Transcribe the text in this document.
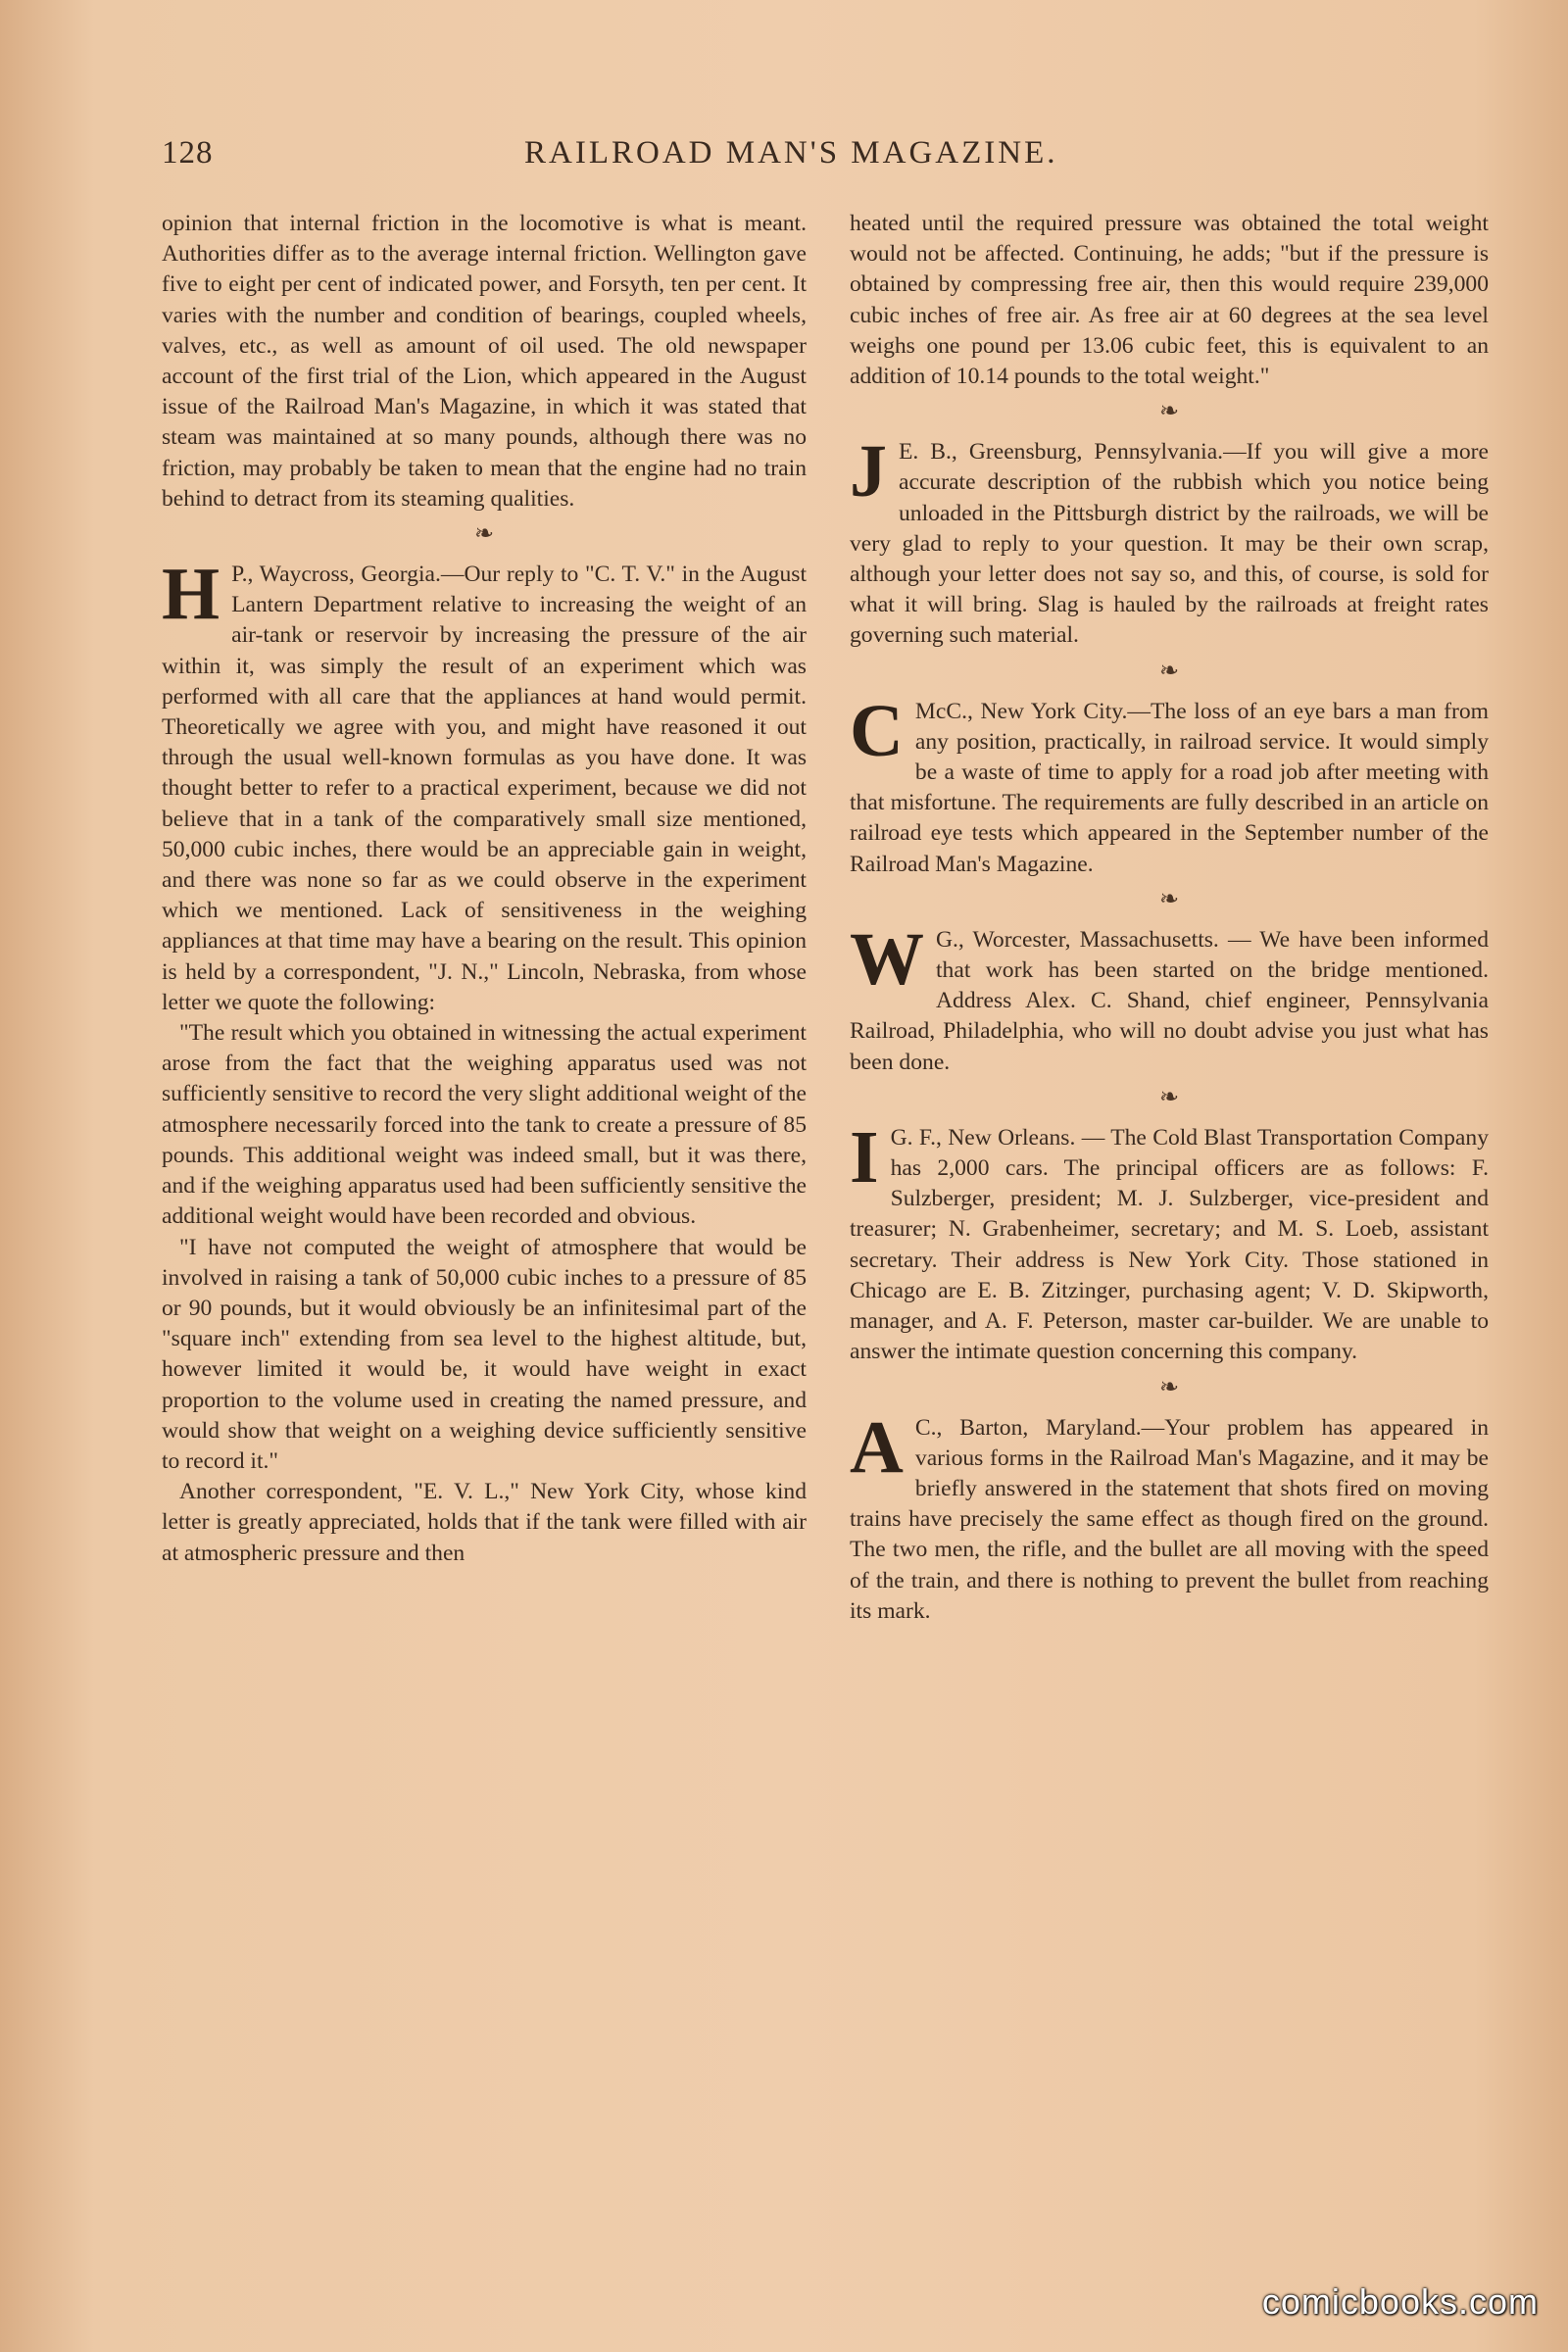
128	RAILROAD MAN'S MAGAZINE.

opinion that internal friction in the locomotive is what is meant. Authorities differ as to the average internal friction. Wellington gave five to eight per cent of indicated power, and Forsyth, ten per cent. It varies with the number and condition of bearings, coupled wheels, valves, etc., as well as amount of oil used. The old newspaper account of the first trial of the Lion, which appeared in the August issue of the Railroad Man's Magazine, in which it was stated that steam was maintained at so many pounds, although there was no friction, may probably be taken to mean that the engine had no train behind to detract from its steaming qualities.

❧
H P., Waycross, Georgia.—Our reply to "C. T. V." in the August Lantern Department relative to increasing the weight of an air-tank or reservoir by increasing the pressure of the air within it, was simply the result of an experiment which was performed with all care that the appliances at hand would permit. Theoretically we agree with you, and might have reasoned it out through the usual well-known formulas as you have done. It was thought better to refer to a practical experiment, because we did not believe that in a tank of the comparatively small size mentioned, 50,000 cubic inches, there would be an appreciable gain in weight, and there was none so far as we could observe in the experiment which we mentioned. Lack of sensitiveness in the weighing appliances at that time may have a bearing on the result. This opinion is held by a correspondent, "J. N.," Lincoln, Nebraska, from whose letter we quote the following:

"The result which you obtained in witnessing the actual experiment arose from the fact that the weighing apparatus used was not sufficiently sensitive to record the very slight additional weight of the atmosphere necessarily forced into the tank to create a pressure of 85 pounds. This additional weight was indeed small, but it was there, and if the weighing apparatus used had been sufficiently sensitive the additional weight would have been recorded and obvious.

"I have not computed the weight of atmosphere that would be involved in raising a tank of 50,000 cubic inches to a pressure of 85 or 90 pounds, but it would obviously be an infinitesimal part of the "square inch" extending from sea level to the highest altitude, but, however limited it would be, it would have weight in exact proportion to the volume used in creating the named pressure, and would show that weight on a weighing device sufficiently sensitive to record it."

Another correspondent, "E. V. L.," New York City, whose kind letter is greatly appreciated, holds that if the tank were filled with air at atmospheric pressure and then

heated until the required pressure was obtained the total weight would not be affected. Continuing, he adds; "but if the pressure is obtained by compressing free air, then this would require 239,000 cubic inches of free air. As free air at 60 degrees at the sea level weighs one pound per 13.06 cubic feet, this is equivalent to an addition of 10.14 pounds to the total weight."

❧
J E. B., Greensburg, Pennsylvania.—If you will give a more accurate description of the rubbish which you notice being unloaded in the Pittsburgh district by the railroads, we will be very glad to reply to your question. It may be their own scrap, although your letter does not say so, and this, of course, is sold for what it will bring. Slag is hauled by the railroads at freight rates governing such material.
❧
C McC., New York City.—The loss of an eye bars a man from any position, practically, in railroad service. It would simply be a waste of time to apply for a road job after meeting with that misfortune. The requirements are fully described in an article on railroad eye tests which appeared in the September number of the Railroad Man's Magazine.
❧
W G., Worcester, Massachusetts. — We have been informed that work has been started on the bridge mentioned. Address Alex. C. Shand, chief engineer, Pennsylvania Railroad, Philadelphia, who will no doubt advise you just what has been done.
❧
I G. F., New Orleans. — The Cold Blast Transportation Company has 2,000 cars. The principal officers are as follows: F. Sulzberger, president; M. J. Sulzberger, vice-president and treasurer; N. Grabenheimer, secretary; and M. S. Loeb, assistant secretary. Their address is New York City. Those stationed in Chicago are E. B. Zitzinger, purchasing agent; V. D. Skipworth, manager, and A. F. Peterson, master car-builder. We are unable to answer the intimate question concerning this company.
❧
A C., Barton, Maryland.—Your problem has appeared in various forms in the Railroad Man's Magazine, and it may be briefly answered in the statement that shots fired on moving trains have precisely the same effect as though fired on the ground. The two men, the rifle, and the bullet are all moving with the speed of the train, and there is nothing to prevent the bullet from reaching its mark.
comicbooks.com
